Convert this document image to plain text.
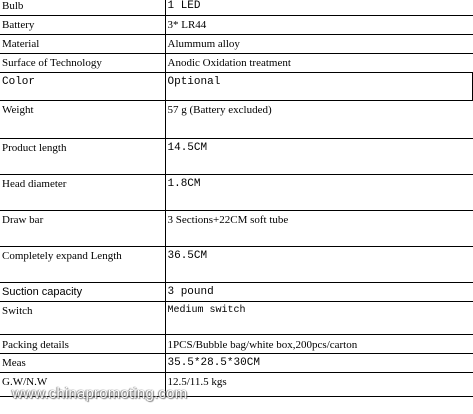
Bulb	1 LED
Battery	3* LR44
Material	Alummum alloy
Surface of Technology	Anodic Oxidation treatment
Color	Optional
Weight	57 g (Battery excluded)
Product length	14.5CM
Head diameter	1.8CM
Draw bar	3 Sections+22CM soft tube
Completely expand Length	36.5CM
Suction capacity	3 pound
Switch	Medium switch
Packing details	1PCS/Bubble bag/white box,200pcs/carton
Meas	35.5*28.5*30CM
G.W/N.W	12.5/11.5 kgs
www.chinapromoting.com
